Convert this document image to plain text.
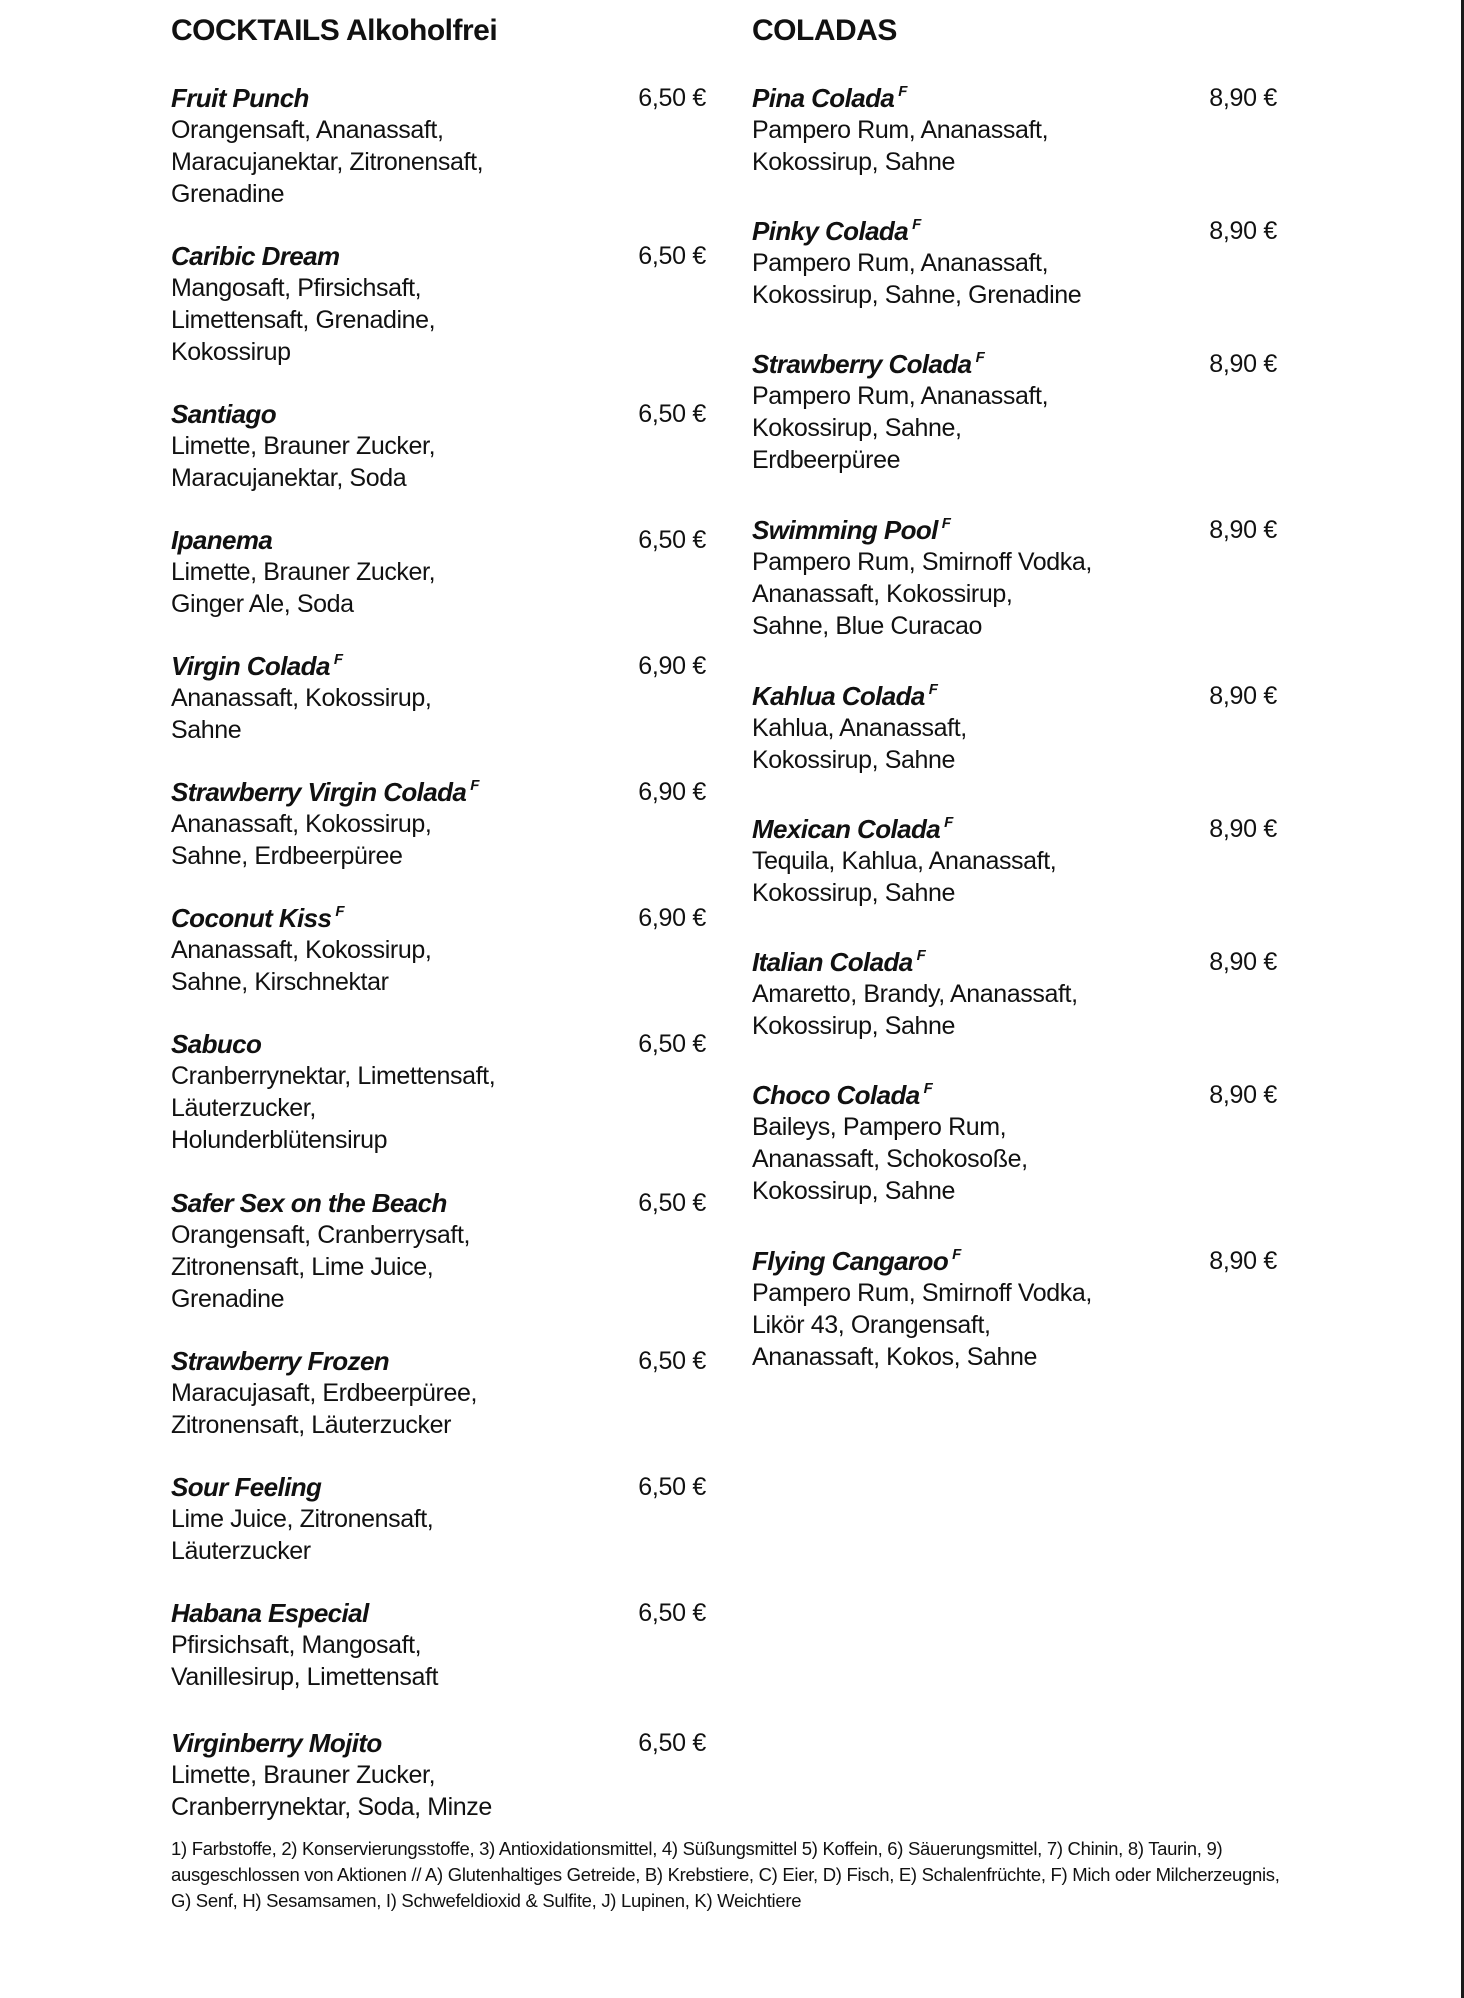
COCKTAILS Alkoholfrei
Fruit Punch	6,50 €
Orangensaft, Ananassaft,
Maracujanektar, Zitronensaft,
Grenadine
Caribic Dream	6,50 €
Mangosaft, Pfirsichsaft,
Limettensaft, Grenadine,
Kokossirup
Santiago	6,50 €
Limette, Brauner Zucker,
Maracujanektar, Soda
Ipanema	6,50 €
Limette, Brauner Zucker,
Ginger Ale, Soda
Virgin Colada F	6,90 €
Ananassaft, Kokossirup,
Sahne
Strawberry Virgin Colada F	6,90 €
Ananassaft, Kokossirup,
Sahne, Erdbeerpüree
Coconut Kiss F	6,90 €
Ananassaft, Kokossirup,
Sahne, Kirschnektar
Sabuco	6,50 €
Cranberrynektar, Limettensaft,
Läuterzucker,
Holunderblütensirup
Safer Sex on the Beach	6,50 €
Orangensaft, Cranberrysaft,
Zitronensaft, Lime Juice,
Grenadine
Strawberry Frozen	6,50 €
Maracujasaft, Erdbeerpüree,
Zitronensaft, Läuterzucker
Sour Feeling	6,50 €
Lime Juice, Zitronensaft,
Läuterzucker
Habana Especial	6,50 €
Pfirsichsaft, Mangosaft,
Vanillesirup, Limettensaft
Virginberry Mojito	6,50 €
Limette, Brauner Zucker,
Cranberrynektar, Soda, Minze
COLADAS
Pina Colada F	8,90 €
Pampero Rum, Ananassaft,
Kokossirup, Sahne
Pinky Colada F	8,90 €
Pampero Rum, Ananassaft,
Kokossirup, Sahne, Grenadine
Strawberry Colada F	8,90 €
Pampero Rum, Ananassaft,
Kokossirup, Sahne,
Erdbeerpüree
Swimming Pool F	8,90 €
Pampero Rum, Smirnoff Vodka,
Ananassaft, Kokossirup,
Sahne, Blue Curacao
Kahlua Colada F	8,90 €
Kahlua, Ananassaft,
Kokossirup, Sahne
Mexican Colada F	8,90 €
Tequila, Kahlua, Ananassaft,
Kokossirup, Sahne
Italian Colada F	8,90 €
Amaretto, Brandy, Ananassaft,
Kokossirup, Sahne
Choco Colada F	8,90 €
Baileys, Pampero Rum,
Ananassaft, Schokosoße,
Kokossirup, Sahne
Flying Cangaroo F	8,90 €
Pampero Rum, Smirnoff Vodka,
Likör 43, Orangensaft,
Ananassaft, Kokos, Sahne
1) Farbstoffe, 2) Konservierungsstoffe, 3) Antioxidationsmittel, 4) Süßungsmittel 5) Koffein, 6) Säuerungsmittel, 7) Chinin, 8) Taurin, 9)
ausgeschlossen von Aktionen // A) Glutenhaltiges Getreide, B) Krebstiere, C) Eier, D) Fisch, E) Schalenfrüchte, F) Mich oder Milcherzeugnis,
G) Senf, H) Sesamsamen, I) Schwefeldioxid & Sulfite, J) Lupinen, K) Weichtiere
